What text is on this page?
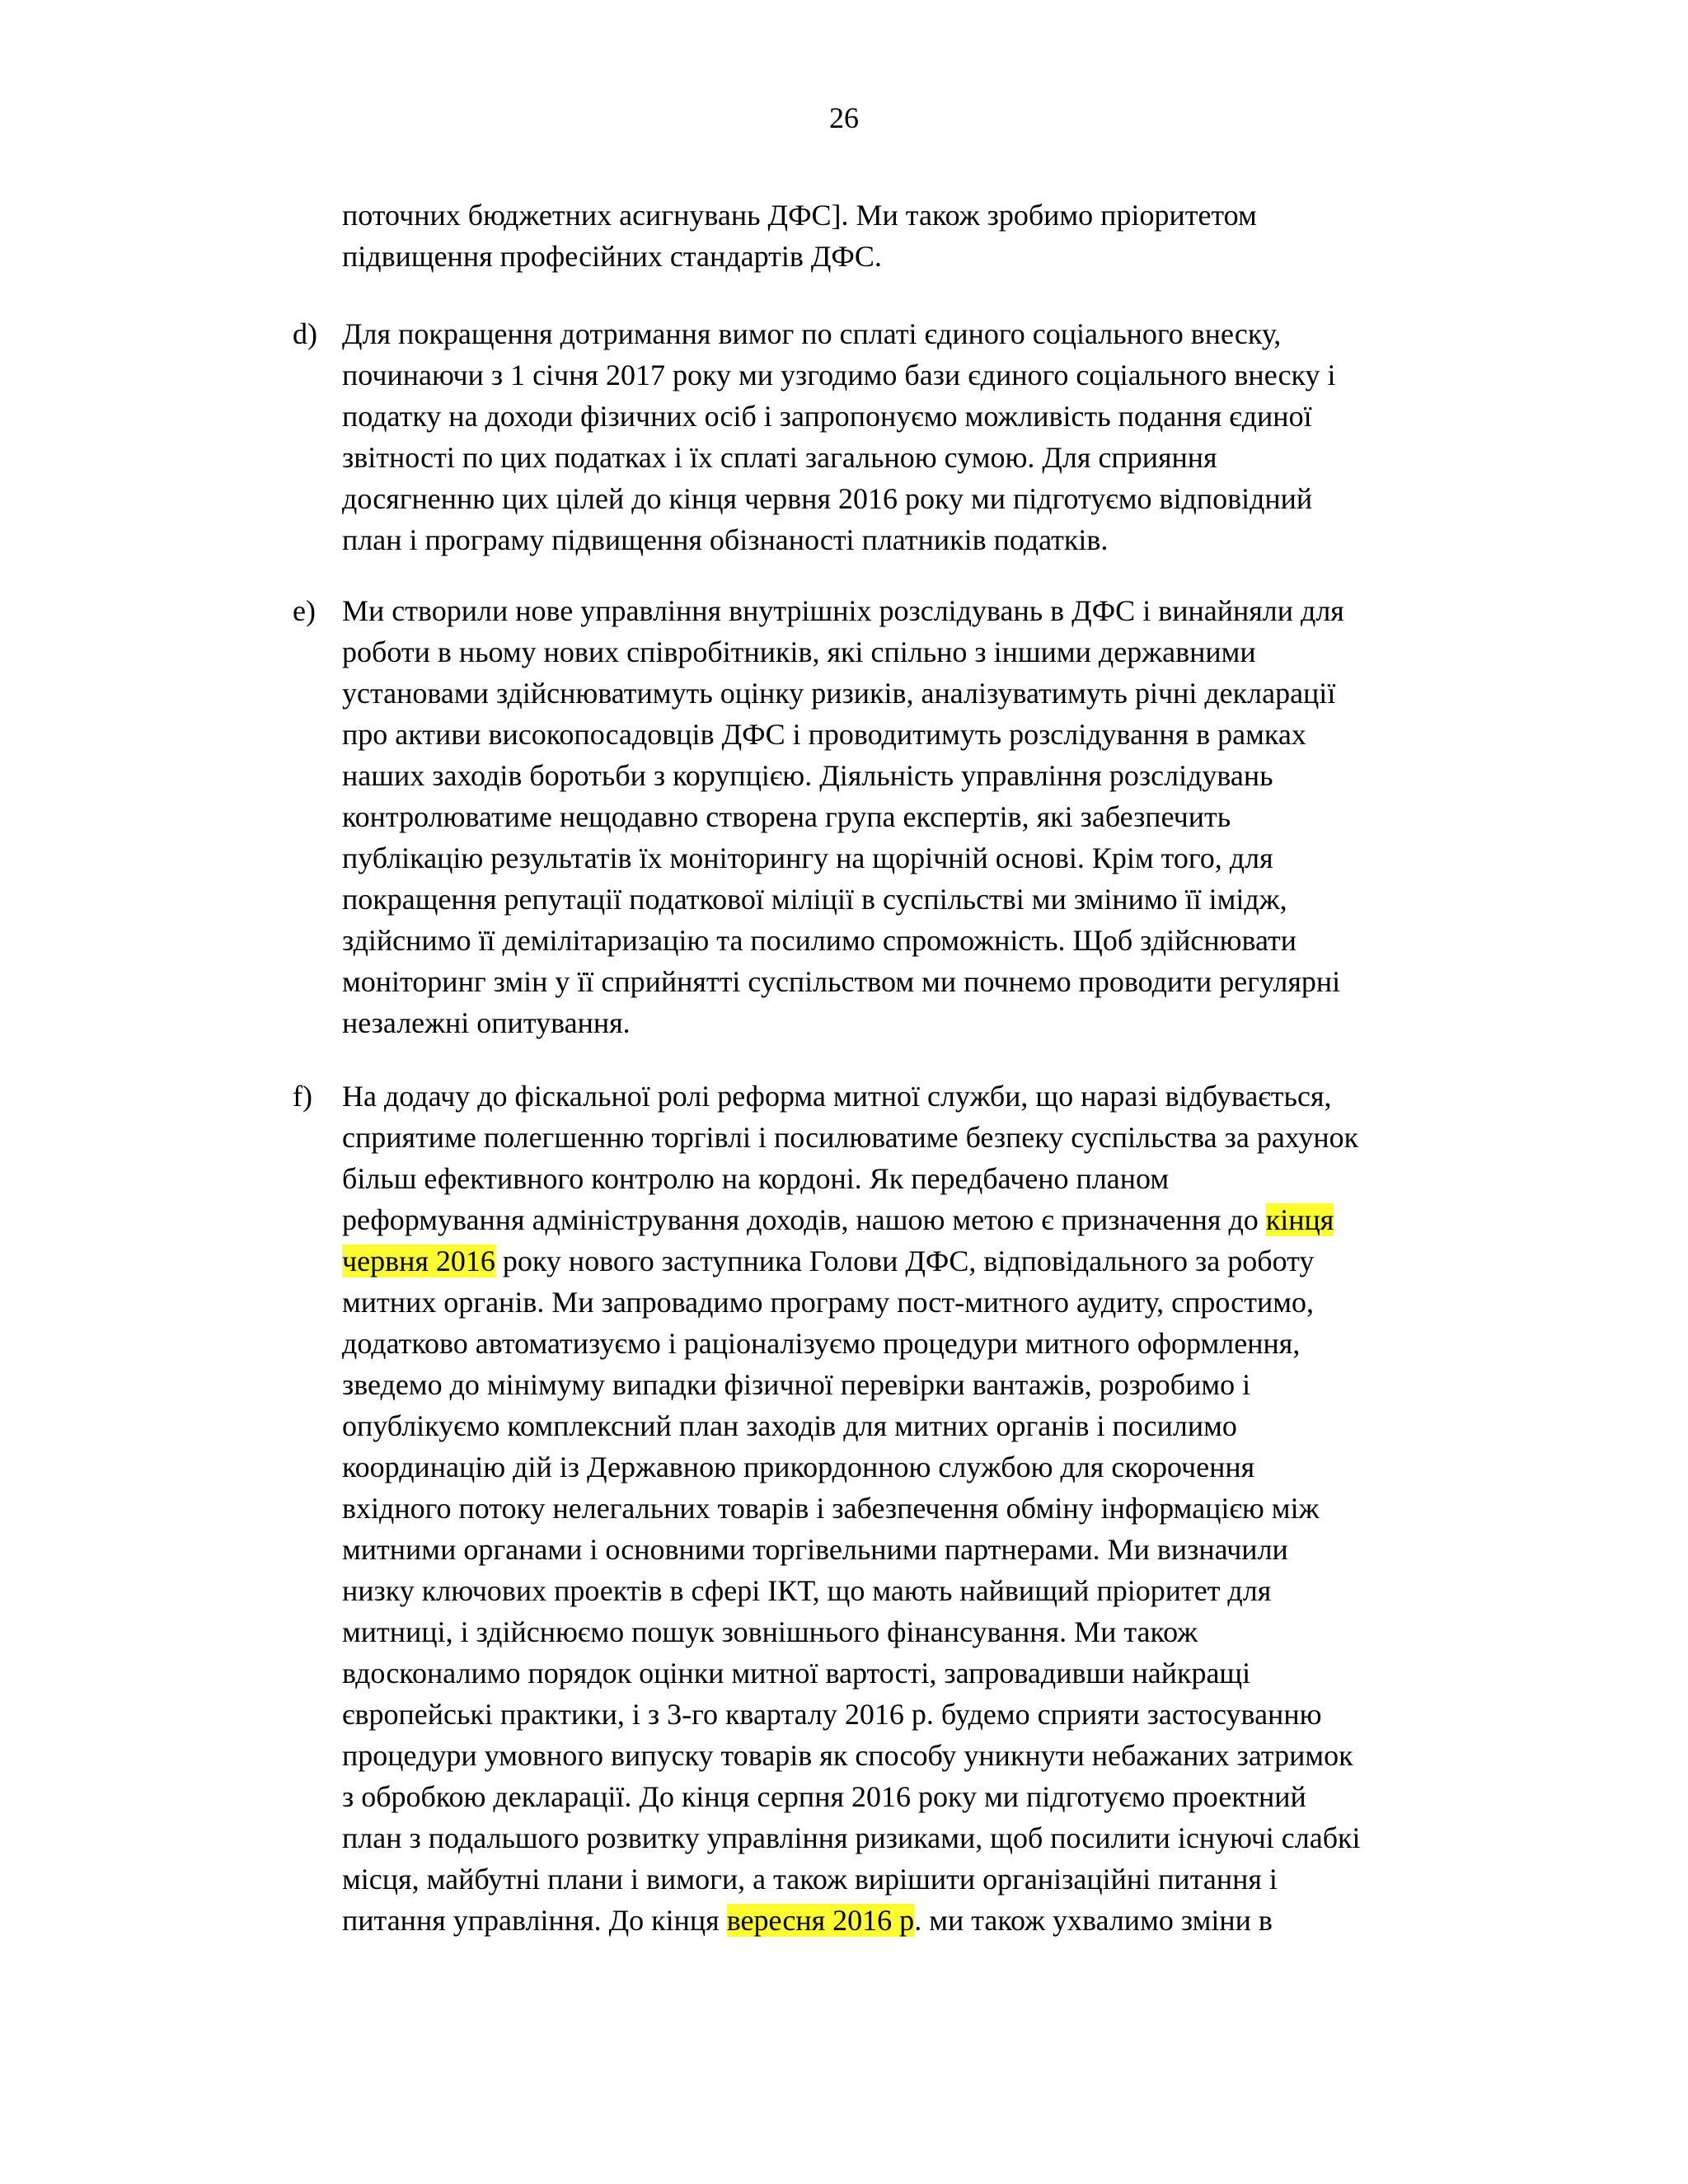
26
поточних бюджетних асигнувань ДФС]. Ми також зробимо пріоритетом
підвищення професійних стандартів ДФС.
d) Для покращення дотримання вимог по сплаті єдиного соціального внеску,
починаючи з 1 січня 2017 року ми узгодимо бази єдиного соціального внеску і
податку на доходи фізичних осіб і запропонуємо можливість подання єдиної
звітності по цих податках і їх сплаті загальною сумою. Для сприяння
досягненню цих цілей до кінця червня 2016 року ми підготуємо відповідний
план і програму підвищення обізнаності платників податків.
e) Ми створили нове управління внутрішніх розслідувань в ДФС і винайняли для
роботи в ньому нових співробітників, які спільно з іншими державними
установами здійснюватимуть оцінку ризиків, аналізуватимуть річні декларації
про активи високопосадовців ДФС і проводитимуть розслідування в рамках
наших заходів боротьби з корупцією. Діяльність управління розслідувань
контролюватиме нещодавно створена група експертів, які забезпечить
публікацію результатів їх моніторингу на щорічній основі. Крім того, для
покращення репутації податкової міліції в суспільстві ми змінимо її імідж,
здійснимо її демілітаризацію та посилимо спроможність. Щоб здійснювати
моніторинг змін у її сприйнятті суспільством ми почнемо проводити регулярні
незалежні опитування.
f)	На додачу до фіскальної ролі реформа митної служби, що наразі відбувається,
сприятиме полегшенню торгівлі і посилюватиме безпеку суспільства за рахунок
більш ефективного контролю на кордоні. Як передбачено планом
реформування адміністрування доходів, нашою метою є призначення до кінця
червня 2016 року нового заступника Голови ДФС, відповідального за роботу
митних органів. Ми запровадимо програму пост-митного аудиту, спростимо,
додатково автоматизуємо і раціоналізуємо процедури митного оформлення,
зведемо до мінімуму випадки фізичної перевірки вантажів, розробимо і
опублікуємо комплексний план заходів для митних органів і посилимо
координацію дій із Державною прикордонною службою для скорочення
вхідного потоку нелегальних товарів і забезпечення обміну інформацією між
митними органами і основними торгівельними партнерами. Ми визначили
низку ключових проектів в сфері ІКТ, що мають найвищий пріоритет для
митниці, і здійснюємо пошук зовнішнього фінансування. Ми також
вдосконалимо порядок оцінки митної вартості, запровадивши найкращі
європейські практики, і з 3-го кварталу 2016 р. будемо сприяти застосуванню
процедури умовного випуску товарів як способу уникнути небажаних затримок
з обробкою декларації. До кінця серпня 2016 року ми підготуємо проектний
план з подальшого розвитку управління ризиками, щоб посилити існуючі слабкі
місця, майбутні плани і вимоги, а також вирішити організаційні питання і
питання управління. До кінця вересня 2016 р. ми також ухвалимо зміни в
